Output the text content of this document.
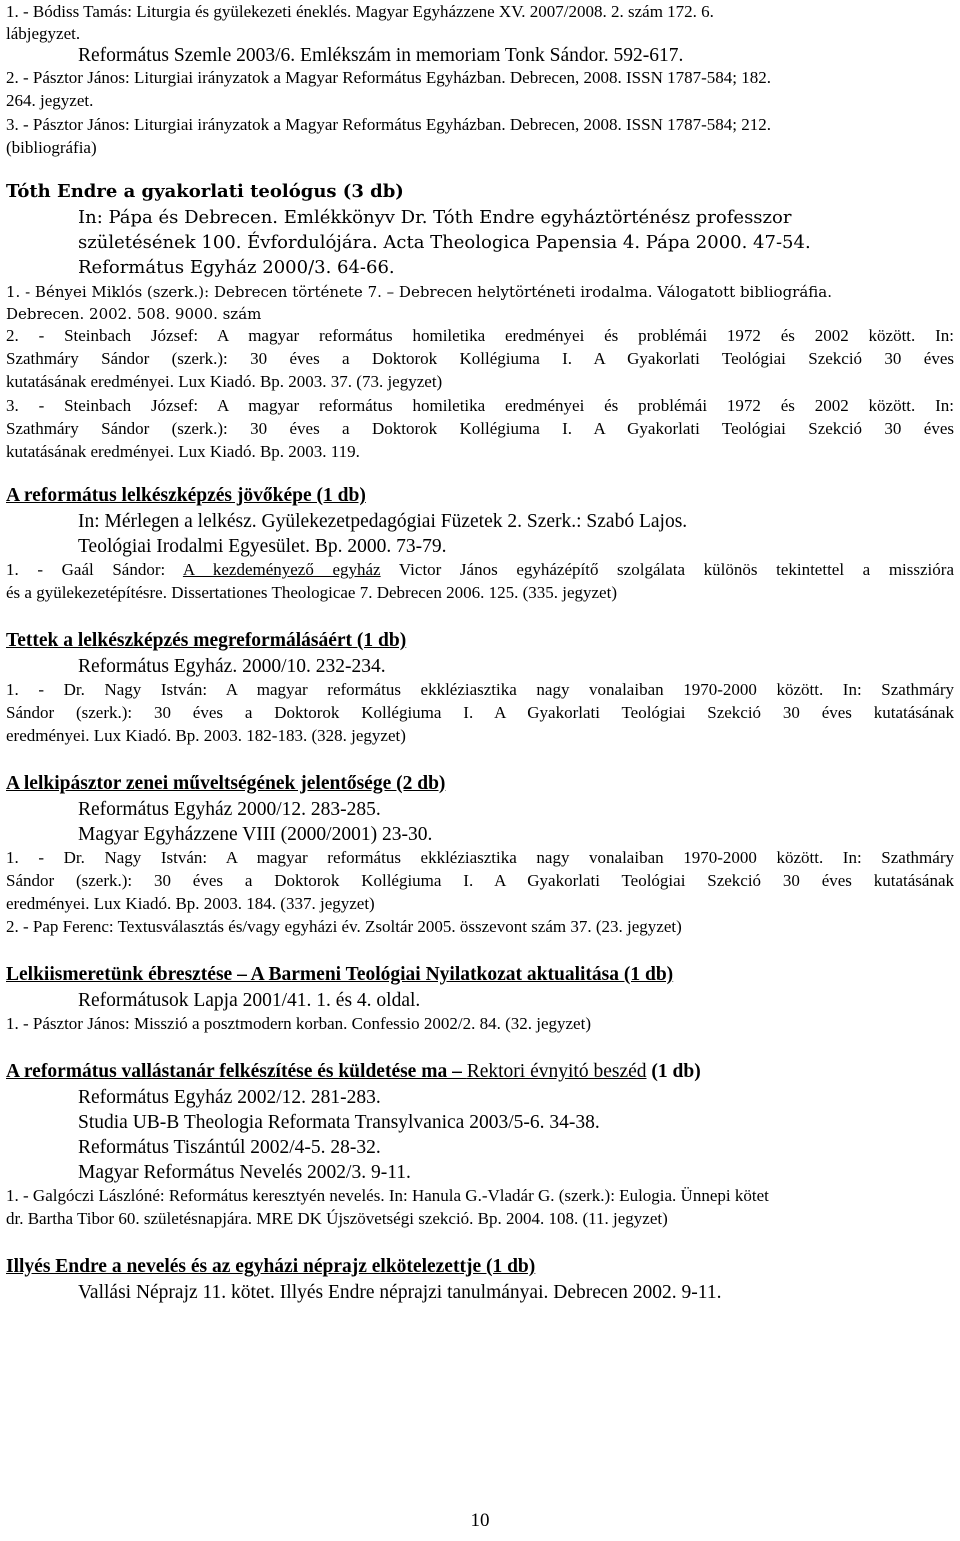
1. - Bódiss Tamás: Liturgia és gyülekezeti éneklés. Magyar Egyházzene XV. 2007/2008. 2. szám 172. 6.
lábjegyzet.
Református Szemle 2003/6. Emlékszám in memoriam Tonk Sándor. 592-617.
2. - Pásztor János: Liturgiai irányzatok a Magyar Református Egyházban. Debrecen, 2008. ISSN 1787-584; 182.
264. jegyzet.
3. - Pásztor János: Liturgiai irányzatok a Magyar Református Egyházban. Debrecen, 2008. ISSN 1787-584; 212.
(bibliográfia)
Tóth Endre a gyakorlati teológus (3 db)
In: Pápa és Debrecen. Emlékkönyv Dr. Tóth Endre egyháztörténész professzor
születésének 100. Évfordulójára. Acta Theologica Papensia 4. Pápa 2000. 47-54.
Református Egyház 2000/3. 64-66.
1. - Bényei Miklós (szerk.): Debrecen története 7. – Debrecen helytörténeti irodalma. Válogatott bibliográfia.
Debrecen. 2002. 508. 9000. szám
2. - Steinbach József: A magyar református homiletika eredményei és problémái 1972 és 2002 között. In:
Szathmáry Sándor (szerk.): 30 éves a Doktorok Kollégiuma I. A Gyakorlati Teológiai Szekció 30 éves
kutatásának eredményei. Lux Kiadó. Bp. 2003. 37. (73. jegyzet)
3. - Steinbach József: A magyar református homiletika eredményei és problémái 1972 és 2002 között. In:
Szathmáry Sándor (szerk.): 30 éves a Doktorok Kollégiuma I. A Gyakorlati Teológiai Szekció 30 éves
kutatásának eredményei. Lux Kiadó. Bp. 2003. 119.
A református lelkészképzés jövőképe (1 db)
In: Mérlegen a lelkész. Gyülekezetpedagógiai Füzetek 2. Szerk.: Szabó Lajos.
Teológiai Irodalmi Egyesület. Bp. 2000. 73-79.
1. - Gaál Sándor: A kezdeményező egyház Victor János egyházépítő szolgálata különös tekintettel a misszióra
és a gyülekezetépítésre. Dissertationes Theologicae 7. Debrecen 2006. 125. (335. jegyzet)
Tettek a lelkészképzés megreformálásáért (1 db)
Református Egyház. 2000/10. 232-234.
1. - Dr. Nagy István: A magyar református ekkléziasztika nagy vonalaiban 1970-2000 között. In: Szathmáry
Sándor (szerk.): 30 éves a Doktorok Kollégiuma I. A Gyakorlati Teológiai Szekció 30 éves kutatásának
eredményei. Lux Kiadó. Bp. 2003. 182-183. (328. jegyzet)
A lelkipásztor zenei műveltségének jelentősége (2 db)
Református Egyház 2000/12. 283-285.
Magyar Egyházzene VIII (2000/2001) 23-30.
1. - Dr. Nagy István: A magyar református ekkléziasztika nagy vonalaiban 1970-2000 között. In: Szathmáry
Sándor (szerk.): 30 éves a Doktorok Kollégiuma I. A Gyakorlati Teológiai Szekció 30 éves kutatásának
eredményei. Lux Kiadó. Bp. 2003. 184. (337. jegyzet)
2. - Pap Ferenc: Textusválasztás és/vagy egyházi év. Zsoltár 2005. összevont szám 37. (23. jegyzet)
Lelkiismeretünk ébresztése – A Barmeni Teológiai Nyilatkozat aktualitása (1 db)
Reformátusok Lapja 2001/41. 1. és 4. oldal.
1. - Pásztor János: Misszió a posztmodern korban. Confessio 2002/2. 84. (32. jegyzet)
A református vallástanár felkészítése és küldetése ma – Rektori évnyitó beszéd (1 db)
Református Egyház 2002/12. 281-283.
Studia UB-B Theologia Reformata Transylvanica 2003/5-6. 34-38.
Református Tiszántúl 2002/4-5. 28-32.
Magyar Református Nevelés 2002/3. 9-11.
1. - Galgóczi Lászlóné: Református keresztyén nevelés. In: Hanula G.-Vladár G. (szerk.): Eulogia. Ünnepi kötet
dr. Bartha Tibor 60. születésnapjára. MRE DK Újszövetségi szekció. Bp. 2004. 108. (11. jegyzet)
Illyés Endre a nevelés és az egyházi néprajz elkötelezettje (1 db)
Vallási Néprajz 11. kötet. Illyés Endre néprajzi tanulmányai. Debrecen 2002. 9-11.
10
